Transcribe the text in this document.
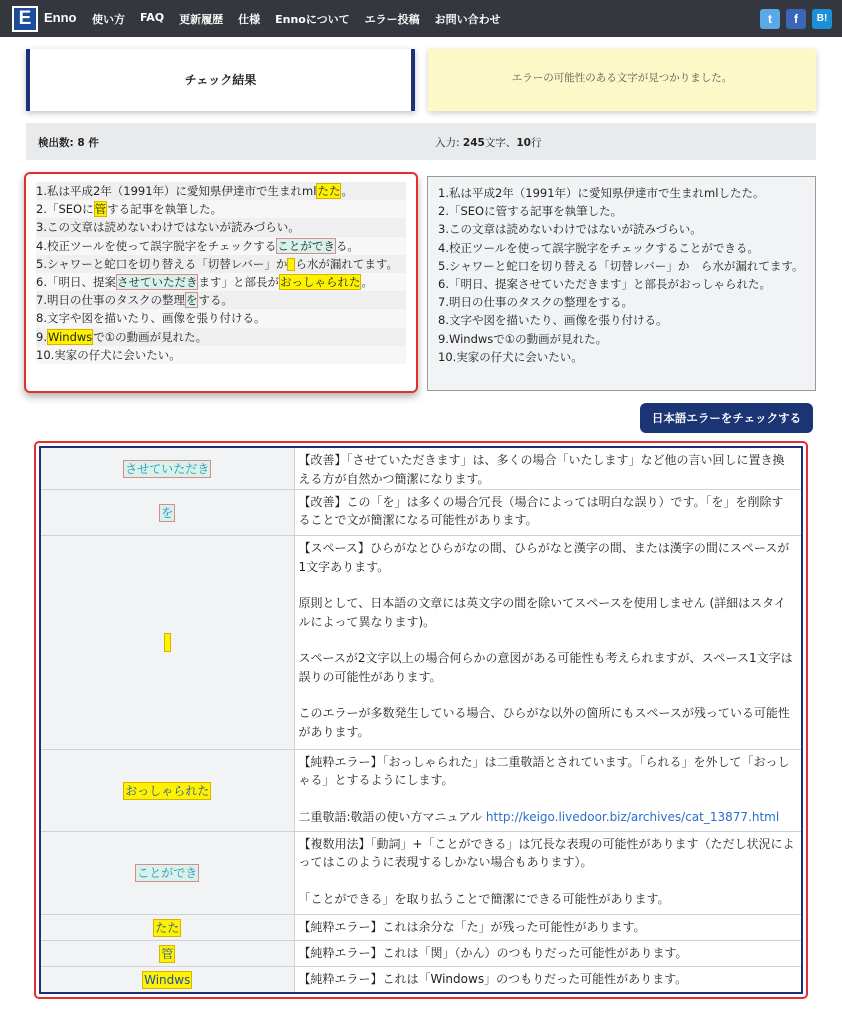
E Enno 使い方 FAQ 更新履歴 仕様 Ennoについて エラー投稿 お問い合わせ	t	f	B!
チェック結果	エラーの可能性のある文字が見つかりました。
検出数: 8 件	入力: 245文字、10行
1.私は平成2年（1991年）に愛知県伊達市で生まれmlたた。
2.「SEOに管する記事を執筆した。
3.この文章は読めないわけではないが読みづらい。
4.校正ツールを使って誤字脱字をチェックすることができる。
5.シャワーと蛇口を切り替える「切替レバー」か ら水が漏れてます。
6.「明日、提案させていただきます」と部長がおっしゃられた。
7.明日の仕事のタスクの整理をする。
8.文字や図を描いたり、画像を張り付ける。
9.Windwsで①の動画が見れた。
10.実家の仔犬に会いたい。
1.私は平成2年（1991年）に愛知県伊達市で生まれmlしたた。
2.「SEOに管する記事を執筆した。
3.この文章は読めないわけではないが読みづらい。
4.校正ツールを使って誤字脱字をチェックすることができる。
5.シャワーと蛇口を切り替える「切替レバー」か　ら水が漏れてます。
6.「明日、提案させていただきます」と部長がおっしゃられた。
7.明日の仕事のタスクの整理をする。
8.文字や図を描いたり、画像を張り付ける。
9.Windwsで①の動画が見れた。
10.実家の仔犬に会いたい。
日本語エラーをチェックする
させていただき	【改善】「させていただきます」は、多くの場合「いたします」など他の言い回しに置き換える方が自然かつ簡潔になります。

を	【改善】この「を」は多くの場合冗長（場合によっては明白な誤り）です。「を」を削除することで文が簡潔になる可能性があります。

	【スペース】ひらがなとひらがなの間、ひらがなと漢字の間、または漢字の間にスペースが1文字あります。

原則として、日本語の文章には英文字の間を除いてスペースを使用しません (詳細はスタイルによって異なります)。

スペースが2文字以上の場合何らかの意図がある可能性も考えられますが、スペース1文字は誤りの可能性があります。

このエラーが多数発生している場合、ひらがな以外の箇所にもスペースが残っている可能性があります。

おっしゃられた	【純粋エラー】「おっしゃられた」は二重敬語とされています。「られる」を外して「おっしゃる」とするようにします。

二重敬語:敬語の使い方マニュアル http://keigo.livedoor.biz/archives/cat_13877.html

ことができ	【複数用法】「動詞」+「ことができる」は冗長な表現の可能性があります（ただし状況によってはこのように表現するしかない場合もあります）。

「ことができる」を取り払うことで簡潔にできる可能性があります。

たた	【純粋エラー】これは余分な「た」が残った可能性があります。

管	【純粋エラー】これは「関」（かん）のつもりだった可能性があります。

Windws	【純粋エラー】これは「Windows」のつもりだった可能性があります。
